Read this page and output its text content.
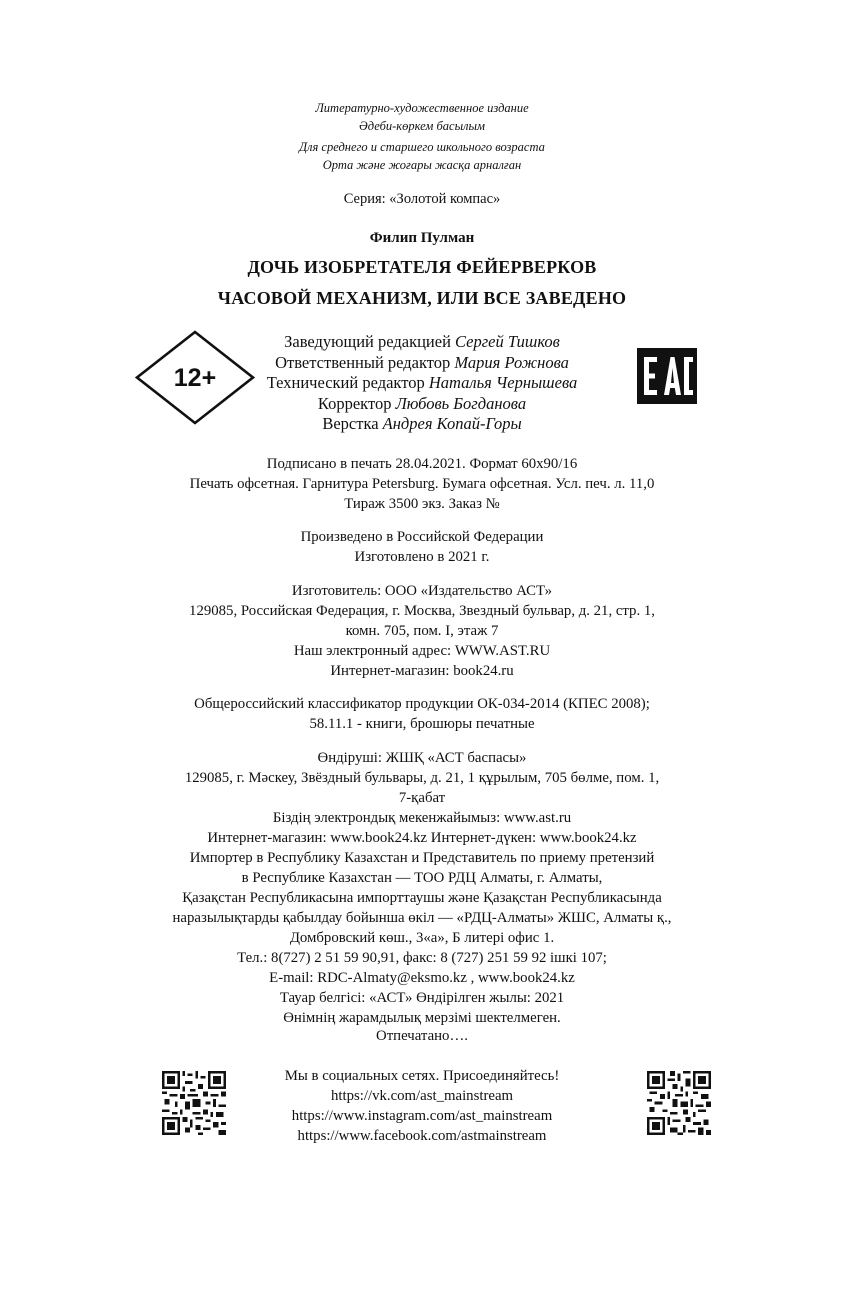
Литературно-художественное издание
Әдеби-көркем басылым
Для среднего и старшего школьного возраста
Орта және жоғары жасқа арналған
Серия: «Золотой компас»
Филип Пулман
ДОЧЬ ИЗОБРЕТАТЕЛЯ ФЕЙЕРВЕРКОВ
ЧАСОВОЙ МЕХАНИЗМ, ИЛИ ВСЕ ЗАВЕДЕНО
12+
Заведующий редакцией Сергей Тишков
Ответственный редактор Мария Рожнова
Технический редактор Наталья Чернышева
Корректор Любовь Богданова
Верстка Андрея Копай-Горы
Подписано в печать 28.04.2021. Формат 60x90/16
Печать офсетная. Гарнитура Petersburg. Бумага офсетная. Усл. печ. л. 11,0
Тираж 3500 экз. Заказ №
Произведено в Российской Федерации
Изготовлено в 2021 г.
Изготовитель: ООО «Издательство АСТ»
129085, Российская Федерация, г. Москва, Звездный бульвар, д. 21, стр. 1,
комн. 705, пом. I, этаж 7
Наш электронный адрес: WWW.AST.RU
Интернет-магазин: book24.ru
Общероссийский классификатор продукции ОК-034-2014 (КПЕС 2008);
58.11.1 - книги, брошюры печатные
Өндіруші: ЖШҚ «АСТ баспасы»
129085, г. Мәскеу, Звёздный бульвары, д. 21, 1 құрылым, 705 бөлме, пом. 1,
7-қабат
Біздің электрондық мекенжайымыз: www.ast.ru
Интернет-магазин: www.book24.kz Интернет-дүкен: www.book24.kz
Импортер в Республику Казахстан и Представитель по приему претензий
в Республике Казахстан — ТОО РДЦ Алматы, г. Алматы,
Қазақстан Республикасына импорттаушы және Қазақстан Республикасында
наразылықтарды қабылдау бойынша өкіл — «РДЦ-Алматы» ЖШС, Алматы қ.,
Домбровский көш., 3«а», Б литері офис 1.
Тел.: 8(727) 2 51 59 90,91, факс: 8 (727) 251 59 92 ішкі 107;
E-mail: RDC-Almaty@eksmo.kz , www.book24.kz
Тауар белгісі: «АСТ» Өндірілген жылы: 2021
Өнімнің жарамдылық мерзімі шектелмеген.
Отпечатано….
Мы в социальных сетях. Присоединяйтесь!
https://vk.com/ast_mainstream
https://www.instagram.com/ast_mainstream
https://www.facebook.com/astmainstream
